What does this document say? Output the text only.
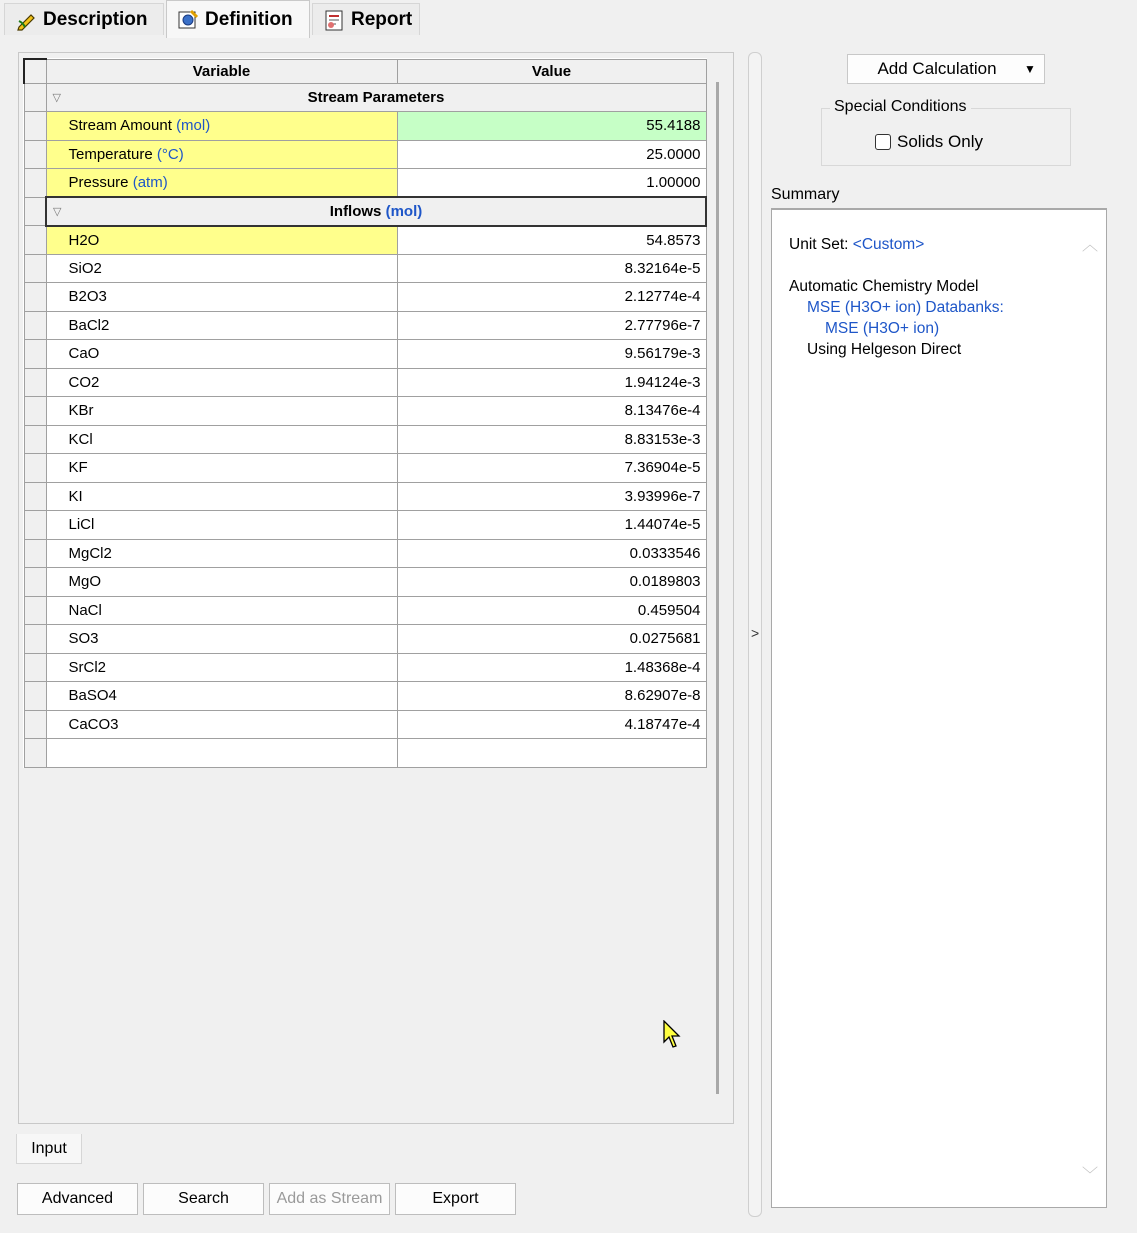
Description	Definition	Report
	Variable	Value

	▽ Stream Parameters	
	Stream Amount (mol)	55.4188
	Temperature (°C)	25.0000
	Pressure (atm)	1.00000

	▽ Inflows (mol)	
	H2O	54.8573
	SiO2	8.32164e-5
	B2O3	2.12774e-4
	BaCl2	2.77796e-7
	CaO	9.56179e-3
	CO2	1.94124e-3
	KBr	8.13476e-4
	KCl	8.83153e-3
	KF	7.36904e-5
	KI	3.93996e-7
	LiCl	1.44074e-5
	MgCl2	0.0333546
	MgO	0.0189803
	NaCl	0.459504
	SO3	0.0275681
	SrCl2	1.48368e-4
	BaSO4	8.62907e-8
	CaCO3	4.18747e-4

Input
Advanced	Search	Add as Stream	Export
>
Add Calculation	▼
Special Conditions
Solids Only
Summary
Unit Set: <Custom>
Automatic Chemistry Model
MSE (H3O+ ion) Databanks:
MSE (H3O+ ion)
Using Helgeson Direct
︿
﹀
